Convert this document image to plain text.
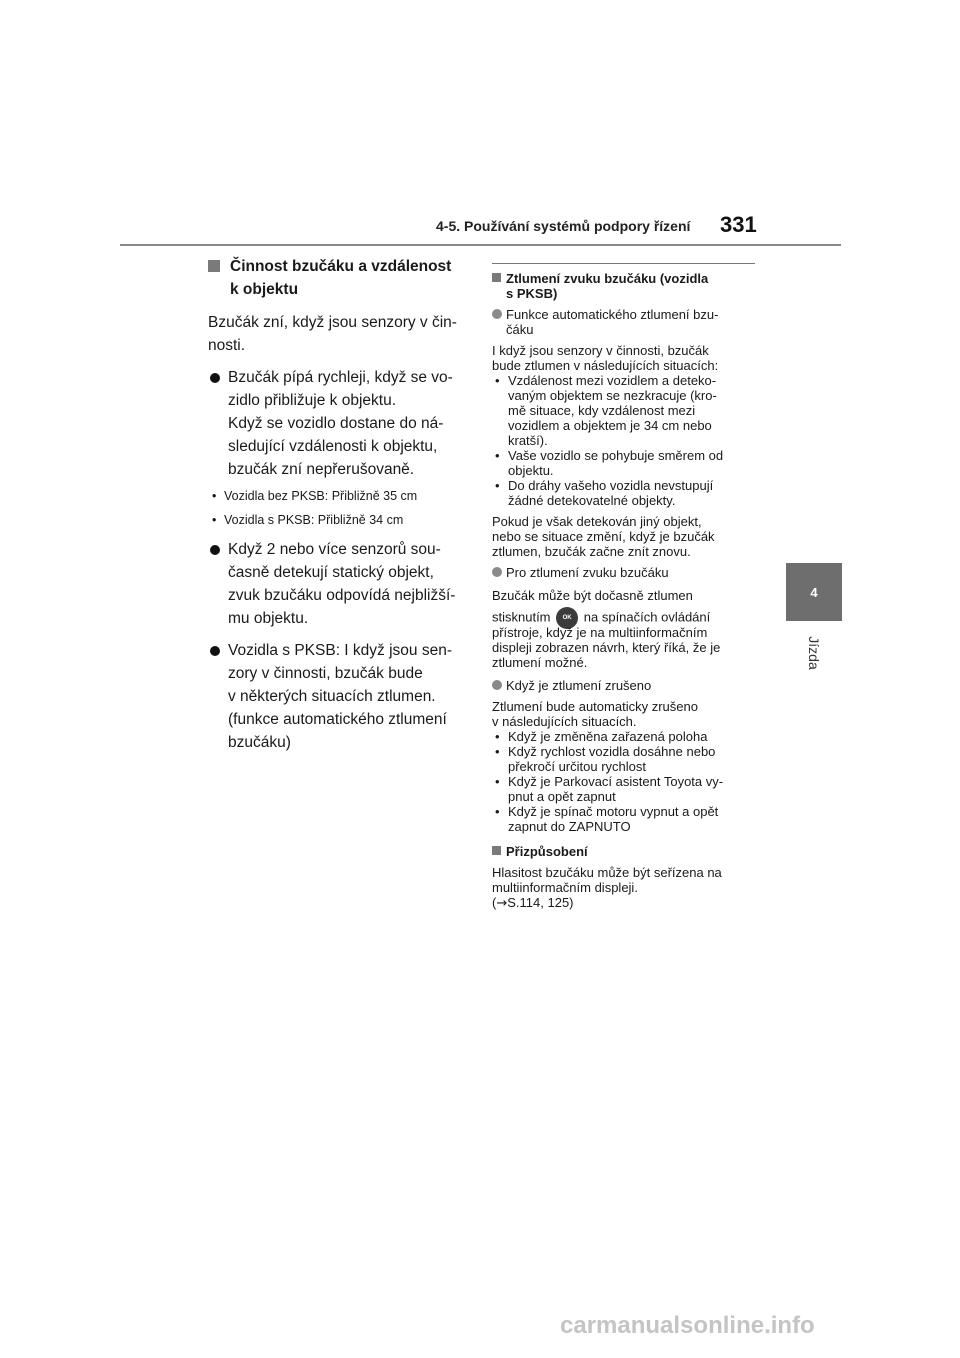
4-5. Používání systémů podpory řízení 331
4
Jízda
Činnost bzučáku a vzdálenost
k objektu
Bzučák zní, když jsou senzory v čin-
nosti.
Bzučák pípá rychleji, když se vo-
zidlo přibližuje k objektu.
Když se vozidlo dostane do ná-
sledující vzdálenosti k objektu,
bzučák zní nepřerušovaně.
• Vozidla bez PKSB: Přibližně 35 cm
• Vozidla s PKSB: Přibližně 34 cm
Když 2 nebo více senzorů sou-
časně detekují statický objekt,
zvuk bzučáku odpovídá nejbližší-
mu objektu.
Vozidla s PKSB: I když jsou sen-
zory v činnosti, bzučák bude
v některých situacích ztlumen.
(funkce automatického ztlumení
bzučáku)
Ztlumení zvuku bzučáku (vozidla
s PKSB)
Funkce automatického ztlumení bzu-
čáku
I když jsou senzory v činnosti, bzučák
bude ztlumen v následujících situacích:
• Vzdálenost mezi vozidlem a deteko-
vaným objektem se nezkracuje (kro-
mě situace, kdy vzdálenost mezi
vozidlem a objektem je 34 cm nebo
kratší).
• Vaše vozidlo se pohybuje směrem od
objektu.
• Do dráhy vašeho vozidla nevstupují
žádné detekovatelné objekty.
Pokud je však detekován jiný objekt,
nebo se situace změní, když je bzučák
ztlumen, bzučák začne znít znovu.
Pro ztlumení zvuku bzučáku
Bzučák může být dočasně ztlumen
stisknutím OK na spínačích ovládání
přístroje, když je na multiinformačním
displeji zobrazen návrh, který říká, že je
ztlumení možné.
Když je ztlumení zrušeno
Ztlumení bude automaticky zrušeno
v následujících situacích.
• Když je změněna zařazená poloha
• Když rychlost vozidla dosáhne nebo
překročí určitou rychlost
• Když je Parkovací asistent Toyota vy-
pnut a opět zapnut
• Když je spínač motoru vypnut a opět
zapnut do ZAPNUTO
Přizpůsobení
Hlasitost bzučáku může být seřízena na
multiinformačním displeji.
(→S.114, 125)
carmanualsonline.info
